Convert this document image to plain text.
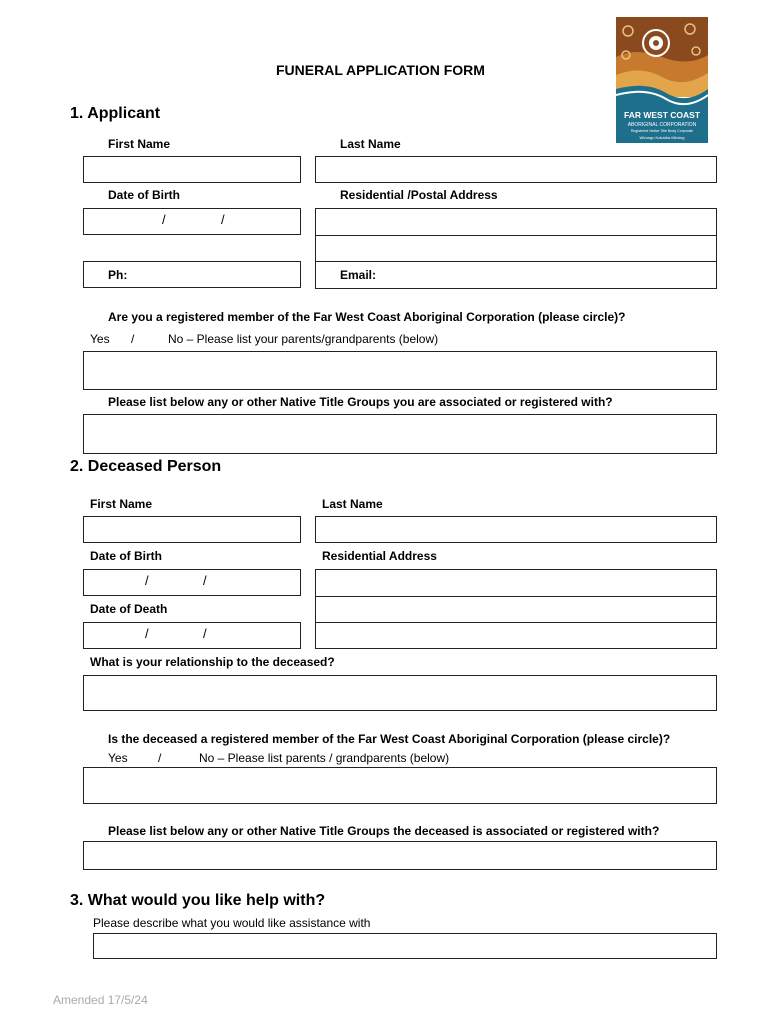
FAR WEST COAST
ABORIGINAL CORPORATION
Registered Native Title Body Corporate
Wirangu Kokatha Mirning
FUNERAL APPLICATION FORM
1. Applicant
First Name	Last Name
Date of Birth	Residential /Postal Address
/	/
Ph:	Email:
Are you a registered member of the Far West Coast Aboriginal Corporation (please circle)?
Yes /	No – Please list your parents/grandparents (below)
Please list below any or other Native Title Groups you are associated or registered with?
2. Deceased Person
First Name	Last Name
Date of Birth	Residential Address
/	/
Date of Death
/	/
What is your relationship to the deceased?
Is the deceased a registered member of the Far West Coast Aboriginal Corporation (please circle)?
Yes	/	No – Please list parents / grandparents (below)
Please list below any or other Native Title Groups the deceased is associated or registered with?
3. What would you like help with?
Please describe what you would like assistance with
Amended 17/5/24
